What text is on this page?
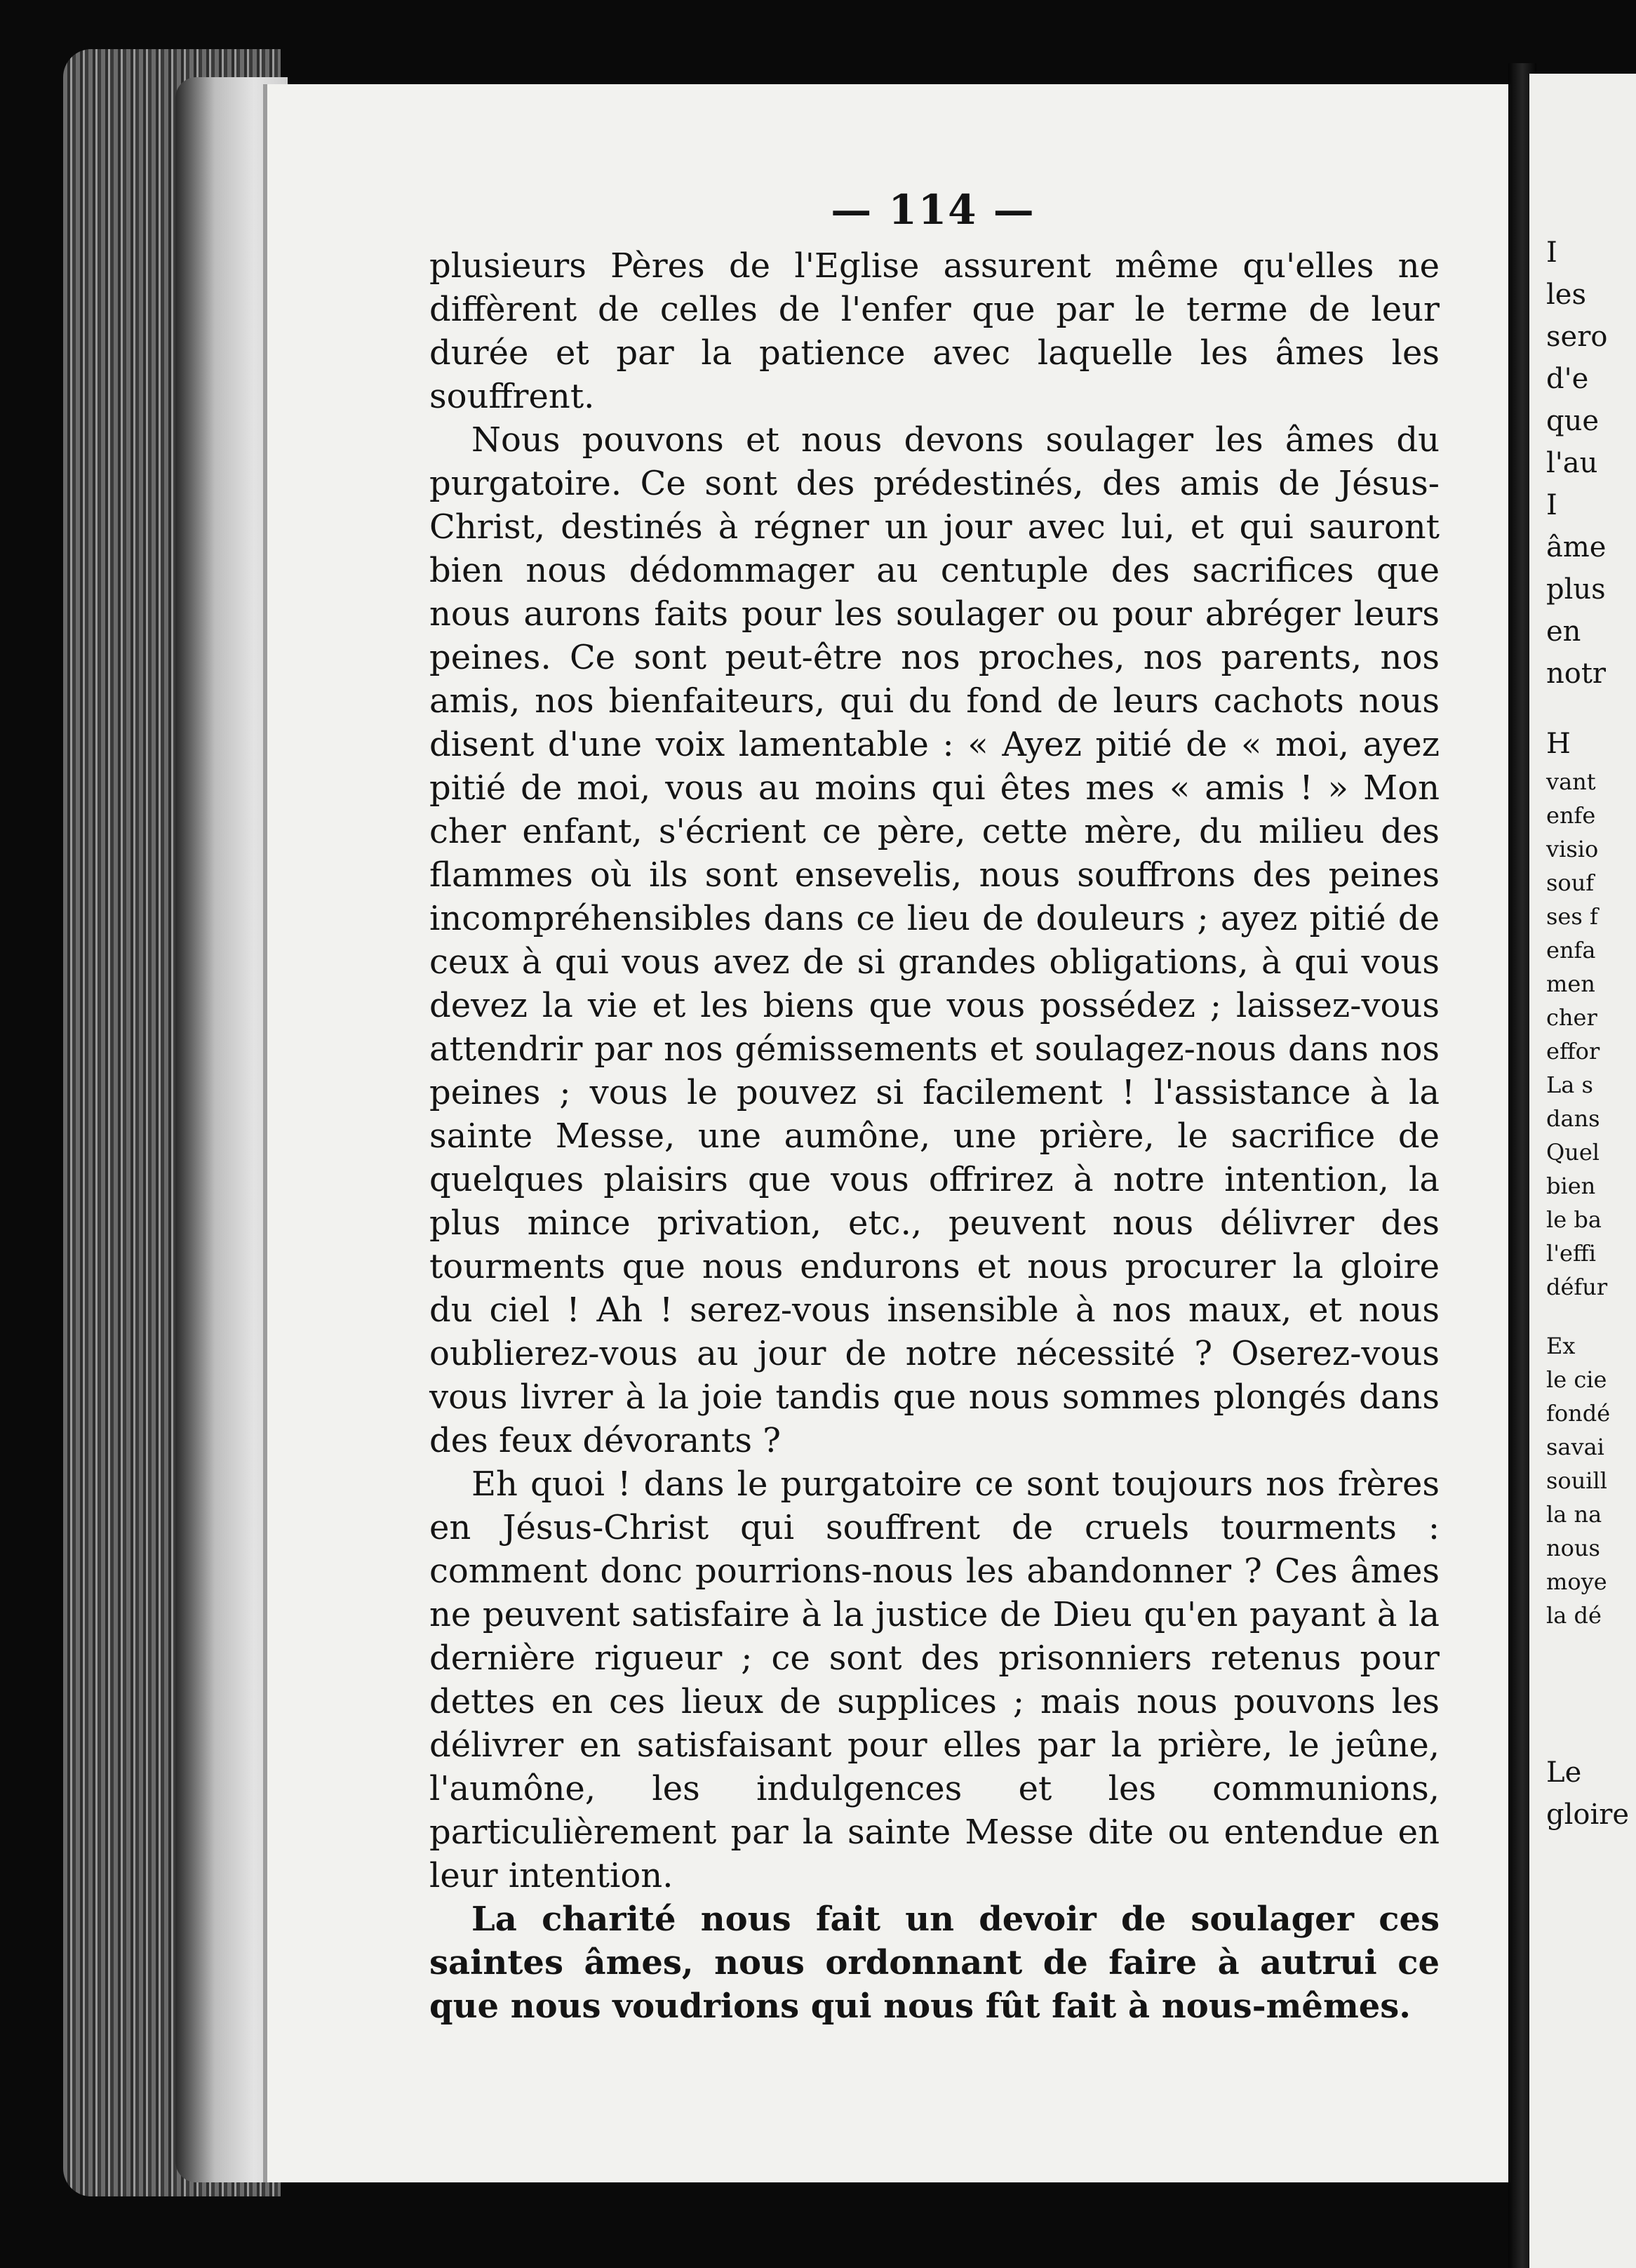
— 114 —

plusieurs Pères de l'Eglise assurent même qu'elles ne diffèrent de celles de l'enfer que par le terme de leur durée et par la patience avec laquelle les âmes les souffrent.

Nous pouvons et nous devons soulager les âmes du purgatoire. Ce sont des prédestinés, des amis de Jésus-Christ, destinés à régner un jour avec lui, et qui sauront bien nous dédommager au centuple des sacrifices que nous aurons faits pour les soulager ou pour abréger leurs peines. Ce sont peut-être nos proches, nos parents, nos amis, nos bienfaiteurs, qui du fond de leurs cachots nous disent d'une voix lamentable : « Ayez pitié de « moi, ayez pitié de moi, vous au moins qui êtes mes « amis ! » Mon cher enfant, s'écrient ce père, cette mère, du milieu des flammes où ils sont ensevelis, nous souffrons des peines incompréhensibles dans ce lieu de douleurs ; ayez pitié de ceux à qui vous avez de si grandes obligations, à qui vous devez la vie et les biens que vous possédez ; laissez-vous attendrir par nos gémissements et soulagez-nous dans nos peines ; vous le pouvez si facilement ! l'assistance à la sainte Messe, une aumône, une prière, le sacrifice de quelques plaisirs que vous offrirez à notre intention, la plus mince privation, etc., peuvent nous délivrer des tourments que nous endurons et nous procurer la gloire du ciel ! Ah ! serez-vous insensible à nos maux, et nous oublierez-vous au jour de notre nécessité ? Oserez-vous vous livrer à la joie tandis que nous sommes plongés dans des feux dévorants ?

Eh quoi ! dans le purgatoire ce sont toujours nos frères en Jésus-Christ qui souffrent de cruels tourments : comment donc pourrions-nous les abandonner ? Ces âmes ne peuvent satisfaire à la justice de Dieu qu'en payant à la dernière rigueur ; ce sont des prisonniers retenus pour dettes en ces lieux de supplices ; mais nous pouvons les délivrer en satisfaisant pour elles par la prière, le jeûne, l'aumône, les indulgences et les communions, particulièrement par la sainte Messe dite ou entendue en leur intention.

La charité nous fait un devoir de soulager ces saintes âmes, nous ordonnant de faire à autrui ce que nous voudrions qui nous fût fait à nous-mêmes.

I
les
sero
d'e
que
l'au
I
âme
plus
en
notr
H
vant
enfe
visio
souf
ses f
enfa
men
cher
effor
La s
dans
Quel
bien
le ba
l'effi
défur
Ex
le cie
fondé
savai
souill
la na
nous
moye
la dé
Le
gloire
